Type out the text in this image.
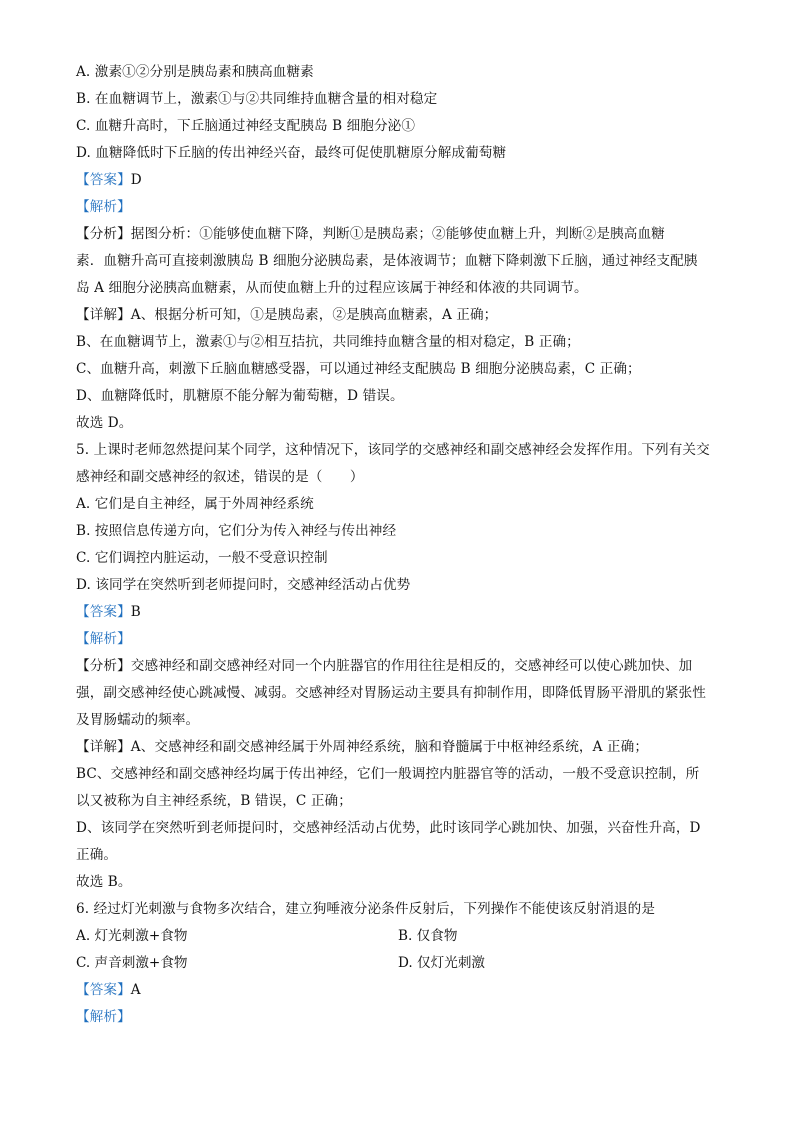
A. 激素①②分别是胰岛素和胰高血糖素
B. 在血糖调节上，激素①与②共同维持血糖含量的相对稳定
C. 血糖升高时，下丘脑通过神经支配胰岛 B 细胞分泌①
D. 血糖降低时下丘脑的传出神经兴奋，最终可促使肌糖原分解成葡萄糖
【答案】D
【解析】
【分析】据图分析：①能够使血糖下降，判断①是胰岛素；②能够使血糖上升，判断②是胰高血糖
素．血糖升高可直接刺激胰岛 B 细胞分泌胰岛素，是体液调节；血糖下降刺激下丘脑，通过神经支配胰
岛 A 细胞分泌胰高血糖素，从而使血糖上升的过程应该属于神经和体液的共同调节。
【详解】A、根据分析可知，①是胰岛素，②是胰高血糖素，A 正确；
B、在血糖调节上，激素①与②相互拮抗，共同维持血糖含量的相对稳定，B 正确；
C、血糖升高，刺激下丘脑血糖感受器，可以通过神经支配胰岛 B 细胞分泌胰岛素，C 正确；
D、血糖降低时，肌糖原不能分解为葡萄糖，D 错误。
故选 D。
5. 上课时老师忽然提问某个同学，这种情况下，该同学的交感神经和副交感神经会发挥作用。下列有关交
感神经和副交感神经的叙述，错误的是（　　）
A. 它们是自主神经，属于外周神经系统
B. 按照信息传递方向，它们分为传入神经与传出神经
C. 它们调控内脏运动，一般不受意识控制
D. 该同学在突然听到老师提问时，交感神经活动占优势
【答案】B
【解析】
【分析】交感神经和副交感神经对同一个内脏器官的作用往往是相反的，交感神经可以使心跳加快、加
强，副交感神经使心跳减慢、减弱。交感神经对胃肠运动主要具有抑制作用，即降低胃肠平滑肌的紧张性
及胃肠蠕动的频率。
【详解】A、交感神经和副交感神经属于外周神经系统，脑和脊髓属于中枢神经系统，A 正确；
BC、交感神经和副交感神经均属于传出神经，它们一般调控内脏器官等的活动，一般不受意识控制，所
以又被称为自主神经系统，B 错误，C 正确；
D、该同学在突然听到老师提问时，交感神经活动占优势，此时该同学心跳加快、加强，兴奋性升高，D
正确。
故选 B。
6. 经过灯光刺激与食物多次结合，建立狗唾液分泌条件反射后，下列操作不能使该反射消退的是
A. 灯光刺激+食物	B. 仅食物
C. 声音刺激+食物	D. 仅灯光刺激
【答案】A
【解析】
